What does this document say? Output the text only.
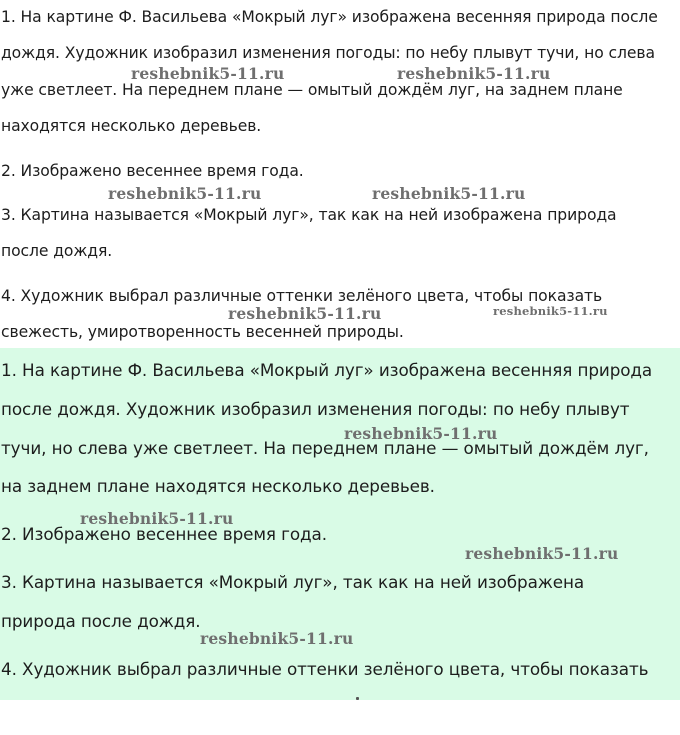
1. На картине Ф. Васильева «Мокрый луг» изображена весенняя природа после

дождя. Художник изобразил изменения погоды: по небу плывут тучи, но слева

уже светлеет. На переднем плане — омытый дождём луг, на заднем плане

находятся несколько деревьев.

2. Изображено весеннее время года.

3. Картина называется «Мокрый луг», так как на ней изображена природа

после дождя.

4. Художник выбрал различные оттенки зелёного цвета, чтобы показать

свежесть, умиротворенность весенней природы.

1. На картине Ф. Васильева «Мокрый луг» изображена весенняя природа

после дождя. Художник изобразил изменения погоды: по небу плывут

тучи, но слева уже светлеет. На переднем плане — омытый дождём луг,

на заднем плане находятся несколько деревьев.

2. Изображено весеннее время года.

3. Картина называется «Мокрый луг», так как на ней изображена

природа после дождя.

4. Художник выбрал различные оттенки зелёного цвета, чтобы показать

reshebnik5-11.ru	reshebnik5-11.ru
reshebnik5-11.ru	reshebnik5-11.ru
reshebnik5-11.ru	reshebnik5-11.ru
reshebnik5-11.ru
reshebnik5-11.ru
reshebnik5-11.ru
reshebnik5-11.ru
